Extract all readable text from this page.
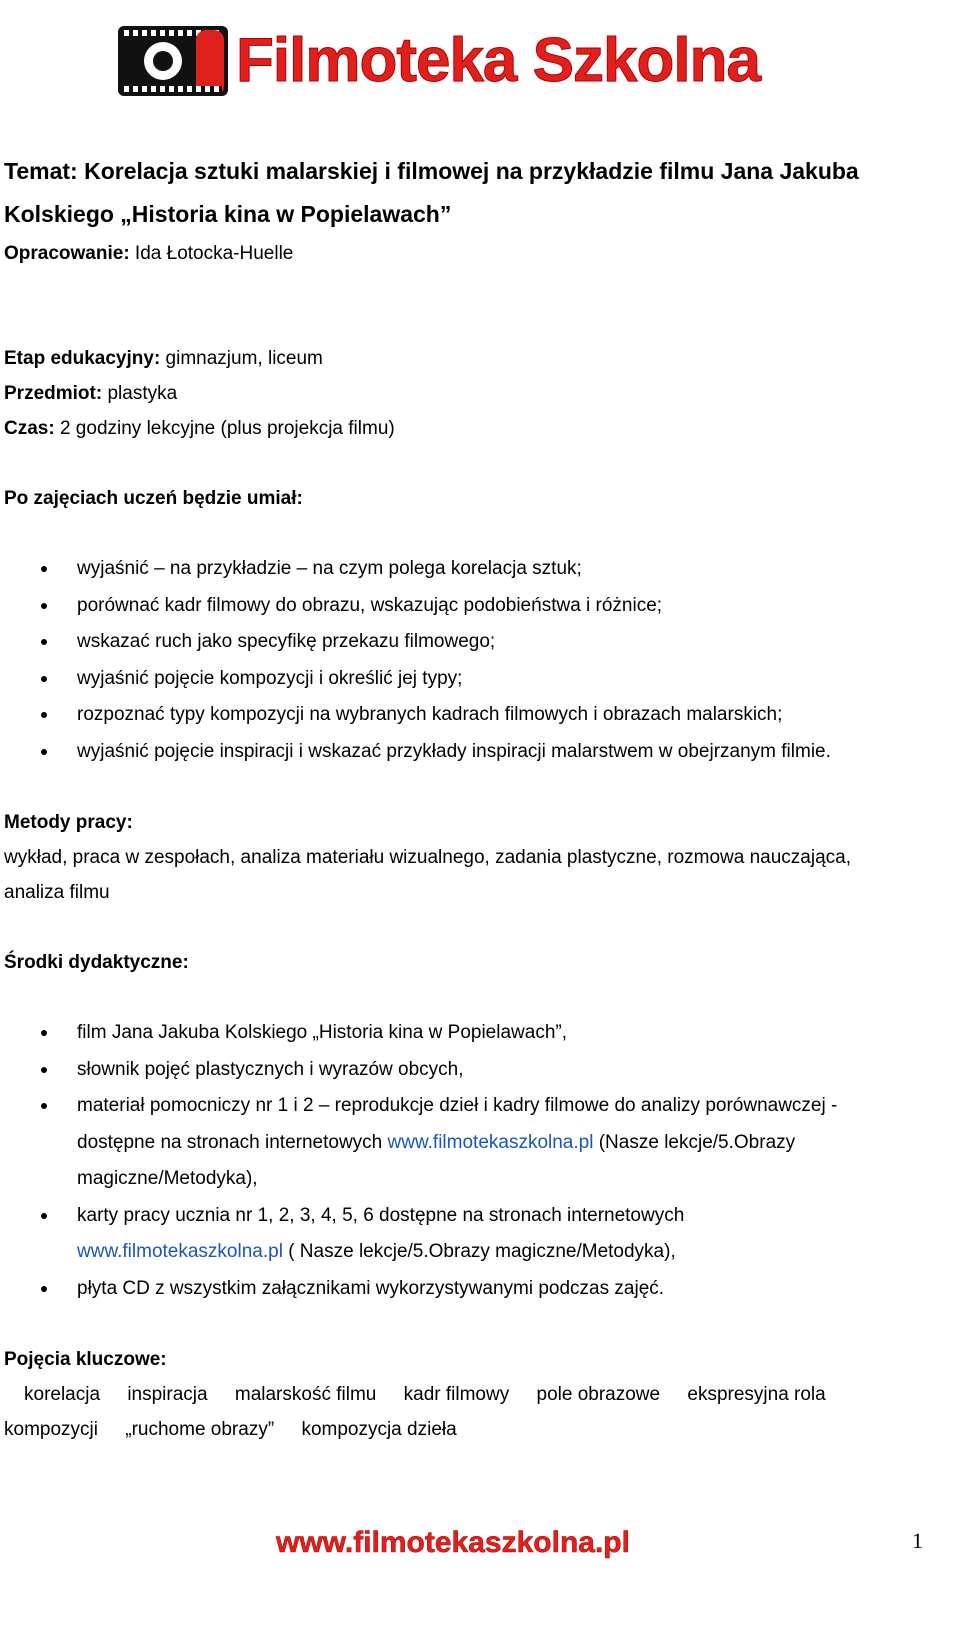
Filmoteka Szkolna
Temat: Korelacja sztuki malarskiej i filmowej na przykładzie filmu Jana Jakuba
Kolskiego „Historia kina w Popielawach”
Opracowanie: Ida Łotocka-Huelle
Etap edukacyjny: gimnazjum, liceum
Przedmiot: plastyka
Czas: 2 godziny lekcyjne (plus projekcja filmu)
Po zajęciach uczeń będzie umiał:
wyjaśnić – na przykładzie – na czym polega korelacja sztuk;
porównać kadr filmowy do obrazu, wskazując podobieństwa i różnice;
wskazać ruch jako specyfikę przekazu filmowego;
wyjaśnić pojęcie kompozycji i określić jej typy;
rozpoznać typy kompozycji na wybranych kadrach filmowych i obrazach malarskich;
wyjaśnić pojęcie inspiracji i wskazać przykłady inspiracji malarstwem w obejrzanym filmie.
Metody pracy:
wykład, praca w zespołach, analiza materiału wizualnego, zadania plastyczne, rozmowa nauczająca,
analiza filmu
Środki dydaktyczne:
film Jana Jakuba Kolskiego „Historia kina w Popielawach”,
słownik pojęć plastycznych i wyrazów obcych,
materiał pomocniczy nr 1 i 2 – reprodukcje dzieł i kadry filmowe do analizy porównawczej -
dostępne na stronach internetowych www.filmotekaszkolna.pl (Nasze lekcje/5.Obrazy
magiczne/Metodyka),
karty pracy ucznia nr 1, 2, 3, 4, 5, 6 dostępne na stronach internetowych
www.filmotekaszkolna.pl ( Nasze lekcje/5.Obrazy magiczne/Metodyka),
płyta CD z wszystkim załącznikami wykorzystywanymi podczas zajęć.
Pojęcia kluczowe:
korelacja inspiracja malarskość filmu kadr filmowy pole obrazowe ekspresyjna rola
kompozycji „ruchome obrazy” kompozycja dzieła
www.filmotekaszkolna.pl	1
